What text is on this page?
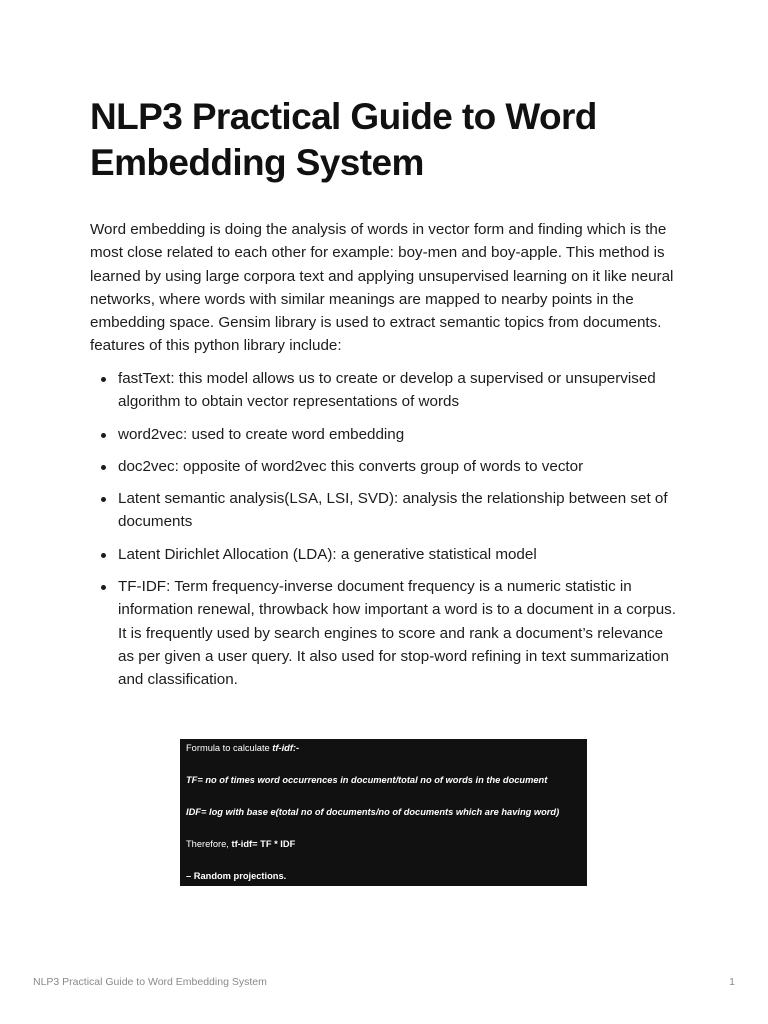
NLP3 Practical Guide to Word Embedding System

Word embedding is doing the analysis of words in vector form and finding which is the most close related to each other for example: boy-men and boy-apple. This method is learned by using large corpora text and applying unsupervised learning on it like neural networks, where words with similar meanings are mapped to nearby points in the embedding space. Gensim library is used to extract semantic topics from documents. features of this python library include:

fastText: this model allows us to create or develop a supervised or unsupervised algorithm to obtain vector representations of words
word2vec: used to create word embedding
doc2vec: opposite of word2vec this converts group of words to vector
Latent semantic analysis(LSA, LSI, SVD): analysis the relationship between set of documents
Latent Dirichlet Allocation (LDA): a generative statistical model
TF-IDF: Term frequency-inverse document frequency is a numeric statistic in information renewal, throwback how important a word is to a document in a corpus. It is frequently used by search engines to score and rank a document’s relevance as per given a user query. It also used for stop-word refining in text summarization and classification.
Formula to calculate tf-idf:-
TF= no of times word occurrences in document/total no of words in the document
IDF= log with base e(total no of documents/no of documents which are having word)
Therefore, tf-idf= TF * IDF
– Random projections.
NLP3 Practical Guide to Word Embedding System	1
